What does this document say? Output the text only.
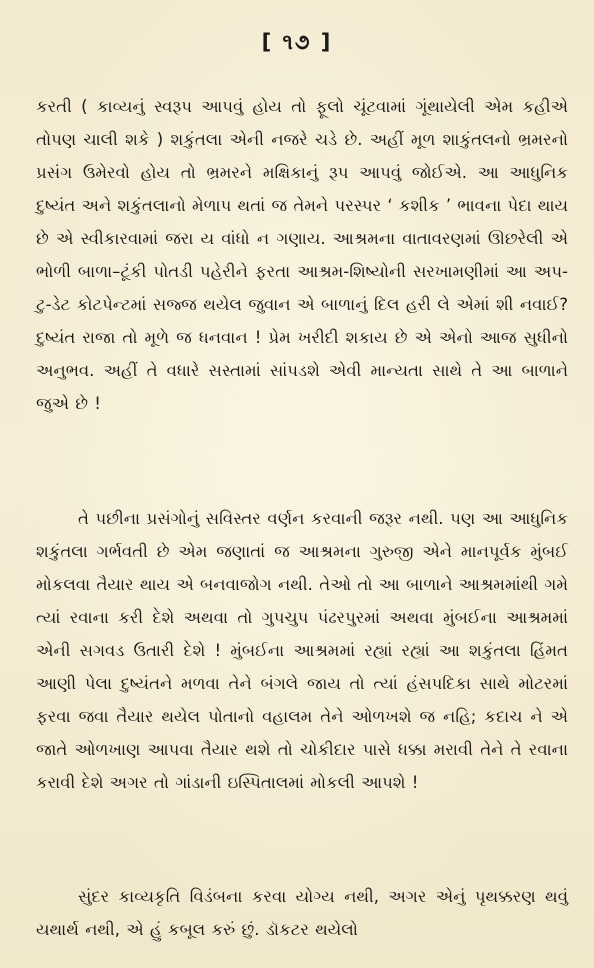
[ ૧૭ ]

કરતી ( કાવ્યનું સ્વરૂપ આપવું હોય તો ફૂલો ચૂંટવામાં ગૂંથાયેલી એમ કહીએ તોપણ ચાલી શકે ) શકુંતલા એની નજરે ચડે છે. અહીં મૂળ શાકુંતલનો ભ્રમરનો પ્રસંગ ઉમેરવો હોય તો ભ્રમરને મક્ષિકાનું રૂપ આપવું જોઈએ. આ આધુનિક દુષ્યંત અને શકુંતલાનો મેળાપ થતાં જ તેમને પરસ્પર ‘ કશીક ’ ભાવના પેદા થાય છે એ સ્વીકારવામાં જરા ય વાંધો ન ગણાય. આશ્રમના વાતાવરણમાં ઊછરેલી એ ભોળી બાળા–ટૂંકી પોતડી પહેરીને ફરતા આશ્રમ-શિષ્યોની સરખામણીમાં આ અપ-ટુ-ડેટ કોટપેન્ટમાં સજ્જ થયેલ જુવાન એ બાળાનું દિલ હરી લે એમાં શી નવાઈ? દુષ્યંત રાજા તો મૂળે જ ધનવાન ! પ્રેમ ખરીદી શકાય છે એ એનો આજ સુધીનો અનુભવ. અહીં તે વધારે સસ્તામાં સાંપડશે એવી માન્યતા સાથે તે આ બાળાને જુએ છે !

તે પછીના પ્રસંગોનું સવિસ્તર વર્ણન કરવાની જરૂર નથી. પણ આ આધુનિક શકુંતલા ગર્ભવતી છે એમ જણાતાં જ આશ્રમના ગુરુજી એને માનપૂર્વક મુંબઈ મોકલવા તૈયાર થાય એ બનવાજોગ નથી. તેઓ તો આ બાળાને આશ્રમમાંથી ગમે ત્યાં રવાના કરી દેશે અથવા તો ગુપચુપ પંઢરપુરમાં અથવા મુંબઈના આશ્રમમાં એની સગવડ ઉતારી દેશે ! મુંબઈના આશ્રમમાં રહ્યાં રહ્યાં આ શકુંતલા હિંમત આણી પેલા દુષ્યંતને મળવા તેને બંગલે જાય તો ત્યાં હંસપદિકા સાથે મોટરમાં ફરવા જવા તૈયાર થયેલ પોતાનો વહાલમ તેને ઓળખશે જ નહિ; કદાચ ને એ જાતે ઓળખાણ આપવા તૈયાર થશે તો ચોકીદાર પાસે ધક્કા મરાવી તેને તે રવાના કરાવી દેશે અગર તો ગાંડાની ઇસ્પિતાલમાં મોકલી આપશે !

સુંદર કાવ્યકૃતિ વિડંબના કરવા યોગ્ય નથી, અગર એનું પૃથક્કરણ થવું યથાર્થ નથી, એ હું કબૂલ કરું છું. ડૉકટર થયેલો
